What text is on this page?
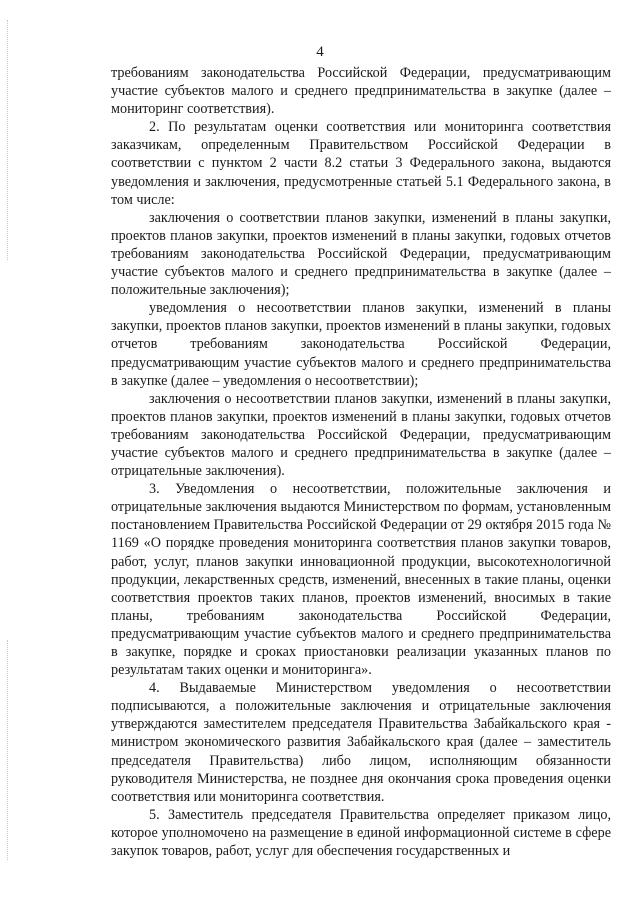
4

требованиям законодательства Российской Федерации, предусматривающим участие субъектов малого и среднего предпринимательства в закупке (далее – мониторинг соответствия).

2. По результатам оценки соответствия или мониторинга соответствия заказчикам, определенным Правительством Российской Федерации в соответствии с пунктом 2 части 8.2 статьи 3 Федерального закона, выдаются уведомления и заключения, предусмотренные статьей 5.1 Федерального закона, в том числе:

заключения о соответствии планов закупки, изменений в планы закупки, проектов планов закупки, проектов изменений в планы закупки, годовых отчетов требованиям законодательства Российской Федерации, предусматривающим участие субъектов малого и среднего предпринимательства в закупке (далее – положительные заключения);

уведомления о несоответствии планов закупки, изменений в планы закупки, проектов планов закупки, проектов изменений в планы закупки, годовых отчетов требованиям законодательства Российской Федерации, предусматривающим участие субъектов малого и среднего предпринимательства в закупке (далее – уведомления о несоответствии);

заключения о несоответствии планов закупки, изменений в планы закупки, проектов планов закупки, проектов изменений в планы закупки, годовых отчетов требованиям законодательства Российской Федерации, предусматривающим участие субъектов малого и среднего предпринимательства в закупке (далее – отрицательные заключения).

3. Уведомления о несоответствии, положительные заключения и отрицательные заключения выдаются Министерством по формам, установленным постановлением Правительства Российской Федерации от 29 октября 2015 года № 1169 «О порядке проведения мониторинга соответствия планов закупки товаров, работ, услуг, планов закупки инновационной продукции, высокотехнологичной продукции, лекарственных средств, изменений, внесенных в такие планы, оценки соответствия проектов таких планов, проектов изменений, вносимых в такие планы, требованиям законодательства Российской Федерации, предусматривающим участие субъектов малого и среднего предпринимательства в закупке, порядке и сроках приостановки реализации указанных планов по результатам таких оценки и мониторинга».

4. Выдаваемые Министерством уведомления о несоответствии подписываются, а положительные заключения и отрицательные заключения утверждаются заместителем председателя Правительства Забайкальского края - министром экономического развития Забайкальского края (далее – заместитель председателя Правительства) либо лицом, исполняющим обязанности руководителя Министерства, не позднее дня окончания срока проведения оценки соответствия или мониторинга соответствия.

5. Заместитель председателя Правительства определяет приказом лицо, которое уполномочено на размещение в единой информационной системе в сфере закупок товаров, работ, услуг для обеспечения государственных и
